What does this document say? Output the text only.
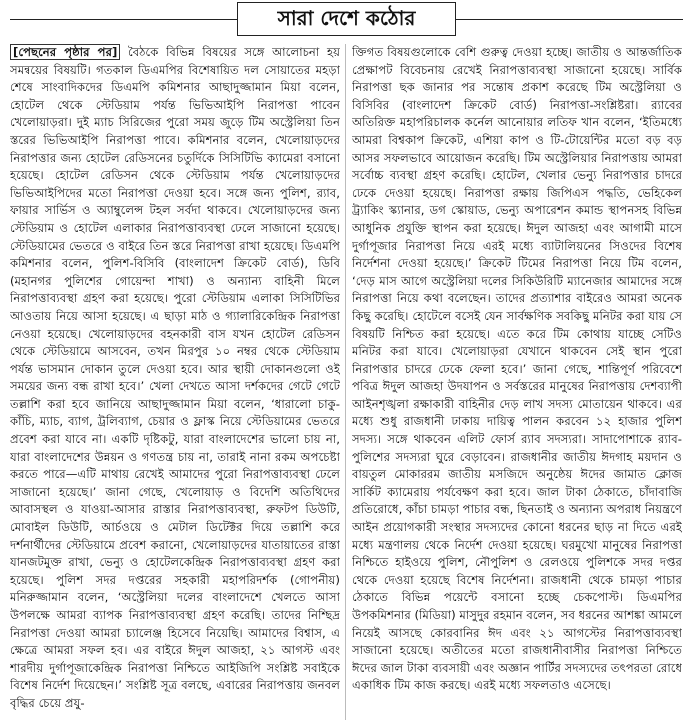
সারা দেশে কঠোর

[পেছনের পৃষ্ঠার পর] বৈঠকে বিভিন্ন বিষয়ের সঙ্গে আলোচনা হয় সমন্বয়ের বিষয়টি। গতকাল ডিএমপির বিশেষায়িত দল সোয়াতের মহড়া শেষে সাংবাদিকদের ডিএমপি কমিশনার আছাদুজ্জামান মিয়া বলেন, হোটেল থেকে স্টেডিয়াম পর্যন্ত ভিভিআইপি নিরাপত্তা পাবেন খেলোয়াড়রা। দুই ম্যাচ সিরিজের পুরো সময় জুড়ে টিম অস্ট্রেলিয়া তিন স্তরের ভিভিআইপি নিরাপত্তা পাবে। কমিশনার বলেন, খেলোয়াড়দের নিরাপত্তার জন্য হোটেল রেডিসনের চতুর্দিকে সিসিটিভি ক্যামেরা বসানো হয়েছে। হোটেল রেডিসন থেকে স্টেডিয়াম পর্যন্ত খেলোয়াড়দের ভিভিআইপিদের মতো নিরাপত্তা দেওয়া হবে। সঙ্গে জন্য পুলিশ, র‌্যাব, ফায়ার সার্ভিস ও অ্যাম্বুলেন্স টহল সর্বদা থাকবে। খেলোয়াড়দের জন্য স্টেডিয়াম ও হোটেল এলাকার নিরাপত্তাব্যবস্থা ঢেলে সাজানো হয়েছে। স্টেডিয়ামের ভেতরে ও বাইরে তিন স্তরে নিরাপত্তা রাখা হয়েছে। ডিএমপি কমিশনার বলেন, পুলিশ-বিসিবি (বাংলাদেশ ক্রিকেট বোর্ড), ডিবি (মহানগর পুলিশের গোয়েন্দা শাখা) ও অন্যান্য বাহিনী মিলে নিরাপত্তাব্যবস্থা গ্রহণ করা হয়েছে। পুরো স্টেডিয়াম এলাকা সিসিটিভির আওতায় নিয়ে আসা হয়েছে। এ ছাড়া মাঠ ও গ্যালারিকেন্দ্রিক নিরাপত্তা নেওয়া হয়েছে। খেলোয়াড়দের বহনকারী বাস যখন হোটেল রেডিসন থেকে স্টেডিয়ামে আসবেন, তখন মিরপুর ১০ নম্বর থেকে স্টেডিয়াম পর্যন্ত ভাসমান দোকান তুলে দেওয়া হবে। আর স্থায়ী দোকানগুলো ওই সময়ের জন্য বন্ধ রাখা হবে।’ খেলা দেখতে আসা দর্শকদের গেটে গেটে তল্লাশি করা হবে জানিয়ে আছাদুজ্জামান মিয়া বলেন, ‘ধারালো চাকু-কাঁচি, ম্যাচ, ব্যাগ, ট্রলিব্যাগ, চেয়ার ও ফ্লাস্ক নিয়ে স্টেডিয়ামের ভেতরে প্রবেশ করা যাবে না। একটি দৃষ্টিকটু, যারা বাংলাদেশের ভালো চায় না, যারা বাংলাদেশের উন্নয়ন ও গণতন্ত্র চায় না, তারাই নানা রকম অপচেষ্টা করতে পারে—এটি মাথায় রেখেই আমাদের পুরো নিরাপত্তাব্যবস্থা ঢেলে সাজানো হয়েছে।’ জানা গেছে, খেলোয়াড় ও বিদেশি অতিথিদের আবাসস্থল ও যাওয়া-আসার রাস্তার নিরাপত্তাব্যবস্থা, রুফটপ ডিউটি, মোবাইল ডিউটি, আর্চওয়ে ও মেটাল ডিটেক্টর দিয়ে তল্লাশি করে দর্শনার্থীদের স্টেডিয়ামে প্রবেশ করানো, খেলোয়াড়দের যাতায়াতের রাস্তা যানজটমুক্ত রাখা, ভেন্যু ও হোটেলকেন্দ্রিক নিরাপত্তাব্যবস্থা গ্রহণ করা হয়েছে। পুলিশ সদর দপ্তরের সহকারী মহাপরিদর্শক (গোপনীয়) মনিরুজ্জামান বলেন, ‘অস্ট্রেলিয়া দলের বাংলাদেশে খেলতে আসা উপলক্ষে আমরা ব্যাপক নিরাপত্তাব্যবস্থা গ্রহণ করেছি। তাদের নিশ্ছিদ্র নিরাপত্তা দেওয়া আমরা চ্যালেঞ্জ হিসেবে নিয়েছি। আমাদের বিশ্বাস, এ ক্ষেত্রে আমরা সফল হব। এর বাইরে ঈদুল আজহা, ২১ আগস্ট এবং শারদীয় দুর্গাপূজাকেন্দ্রিক নিরাপত্তা নিশ্চিতে আইজিপি সংশ্লিষ্ট সবাইকে বিশেষ নির্দেশ দিয়েছেন।’ সংশ্লিষ্ট সূত্র বলছে, এবারের নিরাপত্তায় জনবল বৃদ্ধির চেয়ে প্রযু-

ক্তিগত বিষয়গুলোকে বেশি গুরুত্ব দেওয়া হচ্ছে। জাতীয় ও আন্তর্জাতিক প্রেক্ষাপট বিবেচনায় রেখেই নিরাপত্তাব্যবস্থা সাজানো হয়েছে। সার্বিক নিরাপত্তা ছক জানার পর সন্তোষ প্রকাশ করেছে টিম অস্ট্রেলিয়া ও বিসিবির (বাংলাদেশ ক্রিকেট বোর্ড) নিরাপত্তা-সংশ্লিষ্টরা। র‌্যাবের অতিরিক্ত মহাপরিচালক কর্নেল আনোয়ার লতিফ খান বলেন, ‘ইতিমধ্যে আমরা বিশ্বকাপ ক্রিকেট, এশিয়া কাপ ও টি-টোয়েন্টির মতো বড় বড় আসর সফলভাবে আয়োজন করেছি। টিম অস্ট্রেলিয়ার নিরাপত্তায় আমরা সর্বোচ্চ ব্যবস্থা গ্রহণ করেছি। হোটেল, খেলার ভেন্যু নিরাপত্তার চাদরে ঢেকে দেওয়া হয়েছে। নিরাপত্তা রক্ষায় জিপিএস পদ্ধতি, ভেহিকেল ট্র্যাকিং স্ক্যানার, ডগ স্কোয়াড, ভেন্যু অপারেশন কমান্ড স্থাপনসহ বিভিন্ন আধুনিক প্রযুক্তি স্থাপন করা হয়েছে। ঈদুল আজহা এবং আগামী মাসে দুর্গাপূজার নিরাপত্তা নিয়ে এরই মধ্যে ব্যাটালিয়নের সিওদের বিশেষ নির্দেশনা দেওয়া হয়েছে।’ ক্রিকেট টিমের নিরাপত্তা নিয়ে টিম বলেন, ‘দেড় মাস আগে অস্ট্রেলিয়া দলের সিকিউরিটি ম্যানেজার আমাদের সঙ্গে নিরাপত্তা নিয়ে কথা বলেছেন। তাদের প্রত্যাশার বাইরেও আমরা অনেক কিছু করেছি। হোটেলে বসেই যেন সার্বক্ষণিক সবকিছু মনিটর করা যায় সে বিষয়টি নিশ্চিত করা হয়েছে। এতে করে টিম কোথায় যাচ্ছে সেটিও মনিটর করা যাবে। খেলোয়াড়রা যেখানে থাকবেন সেই স্থান পুরো নিরাপত্তার চাদরে ঢেকে ফেলা হবে।’ জানা গেছে, শান্তিপূর্ণ পরিবেশে পবিত্র ঈদুল আজহা উদযাপন ও সর্বস্তরের মানুষের নিরাপত্তায় দেশব্যাপী আইনশৃঙ্খলা রক্ষাকারী বাহিনীর দেড় লাখ সদস্য মোতায়েন থাকবে। এর মধ্যে শুধু রাজধানী ঢাকায় দায়িত্ব পালন করবেন ১২ হাজার পুলিশ সদস্য। সঙ্গে থাকবেন এলিট ফোর্স র‌্যাব সদস্যরা। সাদাপোশাকে র‌্যাব-পুলিশের সদস্যরা ঘুরে বেড়াবেন। রাজধানীর জাতীয় ঈদগাহ ময়দান ও বায়তুল মোকাররম জাতীয় মসজিদে অনুষ্ঠেয় ঈদের জামাত ক্লোজ সার্কিট ক্যামেরায় পর্যবেক্ষণ করা হবে। জাল টাকা ঠেকাতে, চাঁদাবাজি প্রতিরোধে, কাঁচা চামড়া পাচার বন্ধ, ছিনতাই ও অন্যান্য অপরাধ নিয়ন্ত্রণে আইন প্রয়োগকারী সংস্থার সদস্যদের কোনো ধরনের ছাড় না দিতে এরই মধ্যে মন্ত্রণালয় থেকে নির্দেশ দেওয়া হয়েছে। ঘরমুখো মানুষের নিরাপত্তা নিশ্চিতে হাইওয়ে পুলিশ, নৌপুলিশ ও রেলওয়ে পুলিশকে সদর দপ্তর থেকে দেওয়া হয়েছে বিশেষ নির্দেশনা। রাজধানী থেকে চামড়া পাচার ঠেকাতে বিভিন্ন পয়েন্টে বসানো হচ্ছে চেকপোস্ট। ডিএমপির উপকমিশনার (মিডিয়া) মাসুদুর রহমান বলেন, সব ধরনের আশঙ্কা আমলে নিয়েই আসছে কোরবানির ঈদ এবং ২১ আগস্টের নিরাপত্তাব্যবস্থা সাজানো হয়েছে। অতীতের মতো রাজধানীবাসীর নিরাপত্তা নিশ্চিতে ঈদের জাল টাকা ব্যবসায়ী এবং অজ্ঞান পার্টির সদস্যদের তৎপরতা রোধে একাধিক টিম কাজ করছে। এরই মধ্যে সফলতাও এসেছে।
